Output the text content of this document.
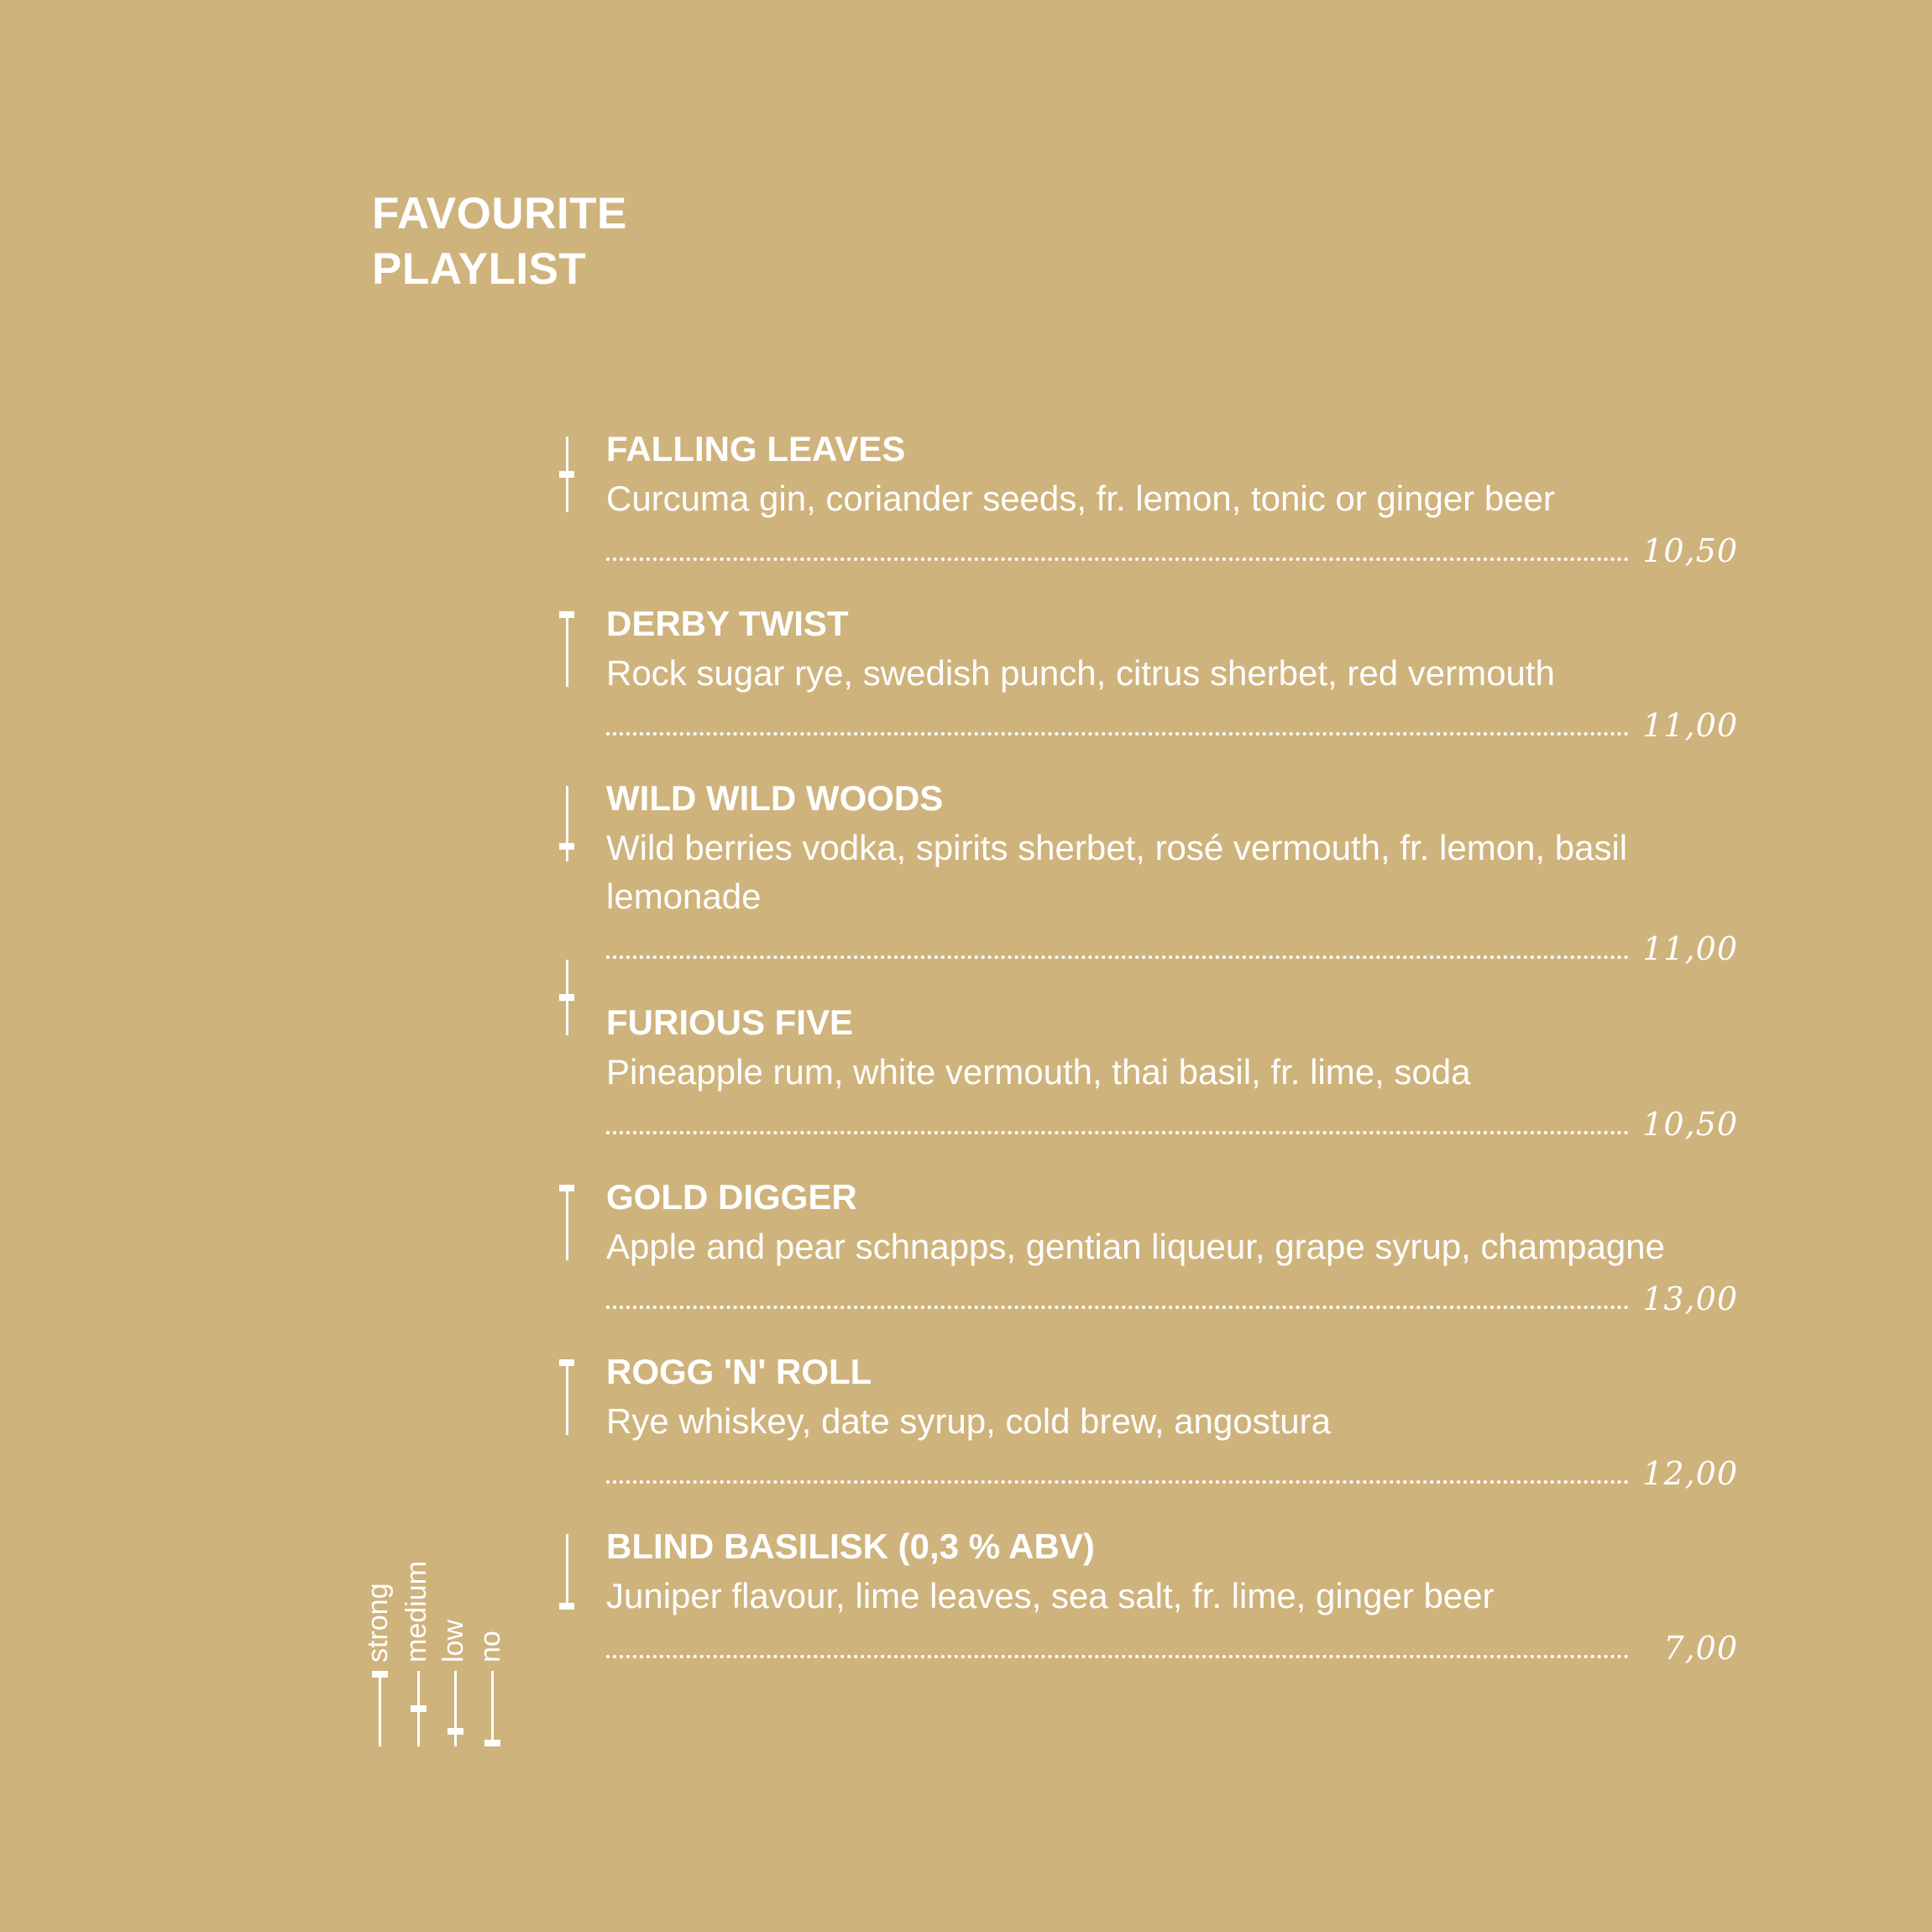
FAVOURITE
PLAYLIST
FALLING LEAVES
Curcuma gin, coriander seeds, fr. lemon, tonic or ginger beer
10,50
DERBY TWIST
Rock sugar rye, swedish punch, citrus sherbet, red vermouth
11,00
WILD WILD WOODS
Wild berries vodka, spirits sherbet, rosé vermouth, fr. lemon, basil lemonade
11,00
FURIOUS FIVE
Pineapple rum, white vermouth, thai basil, fr. lime, soda
10,50
GOLD DIGGER
Apple and pear schnapps, gentian liqueur, grape syrup, champagne
13,00
ROGG 'N' ROLL
Rye whiskey, date syrup, cold brew, angostura
12,00
BLIND BASILISK (0,3 % ABV)
Juniper flavour, lime leaves, sea salt, fr. lime, ginger beer
7,00
strong medium low no
